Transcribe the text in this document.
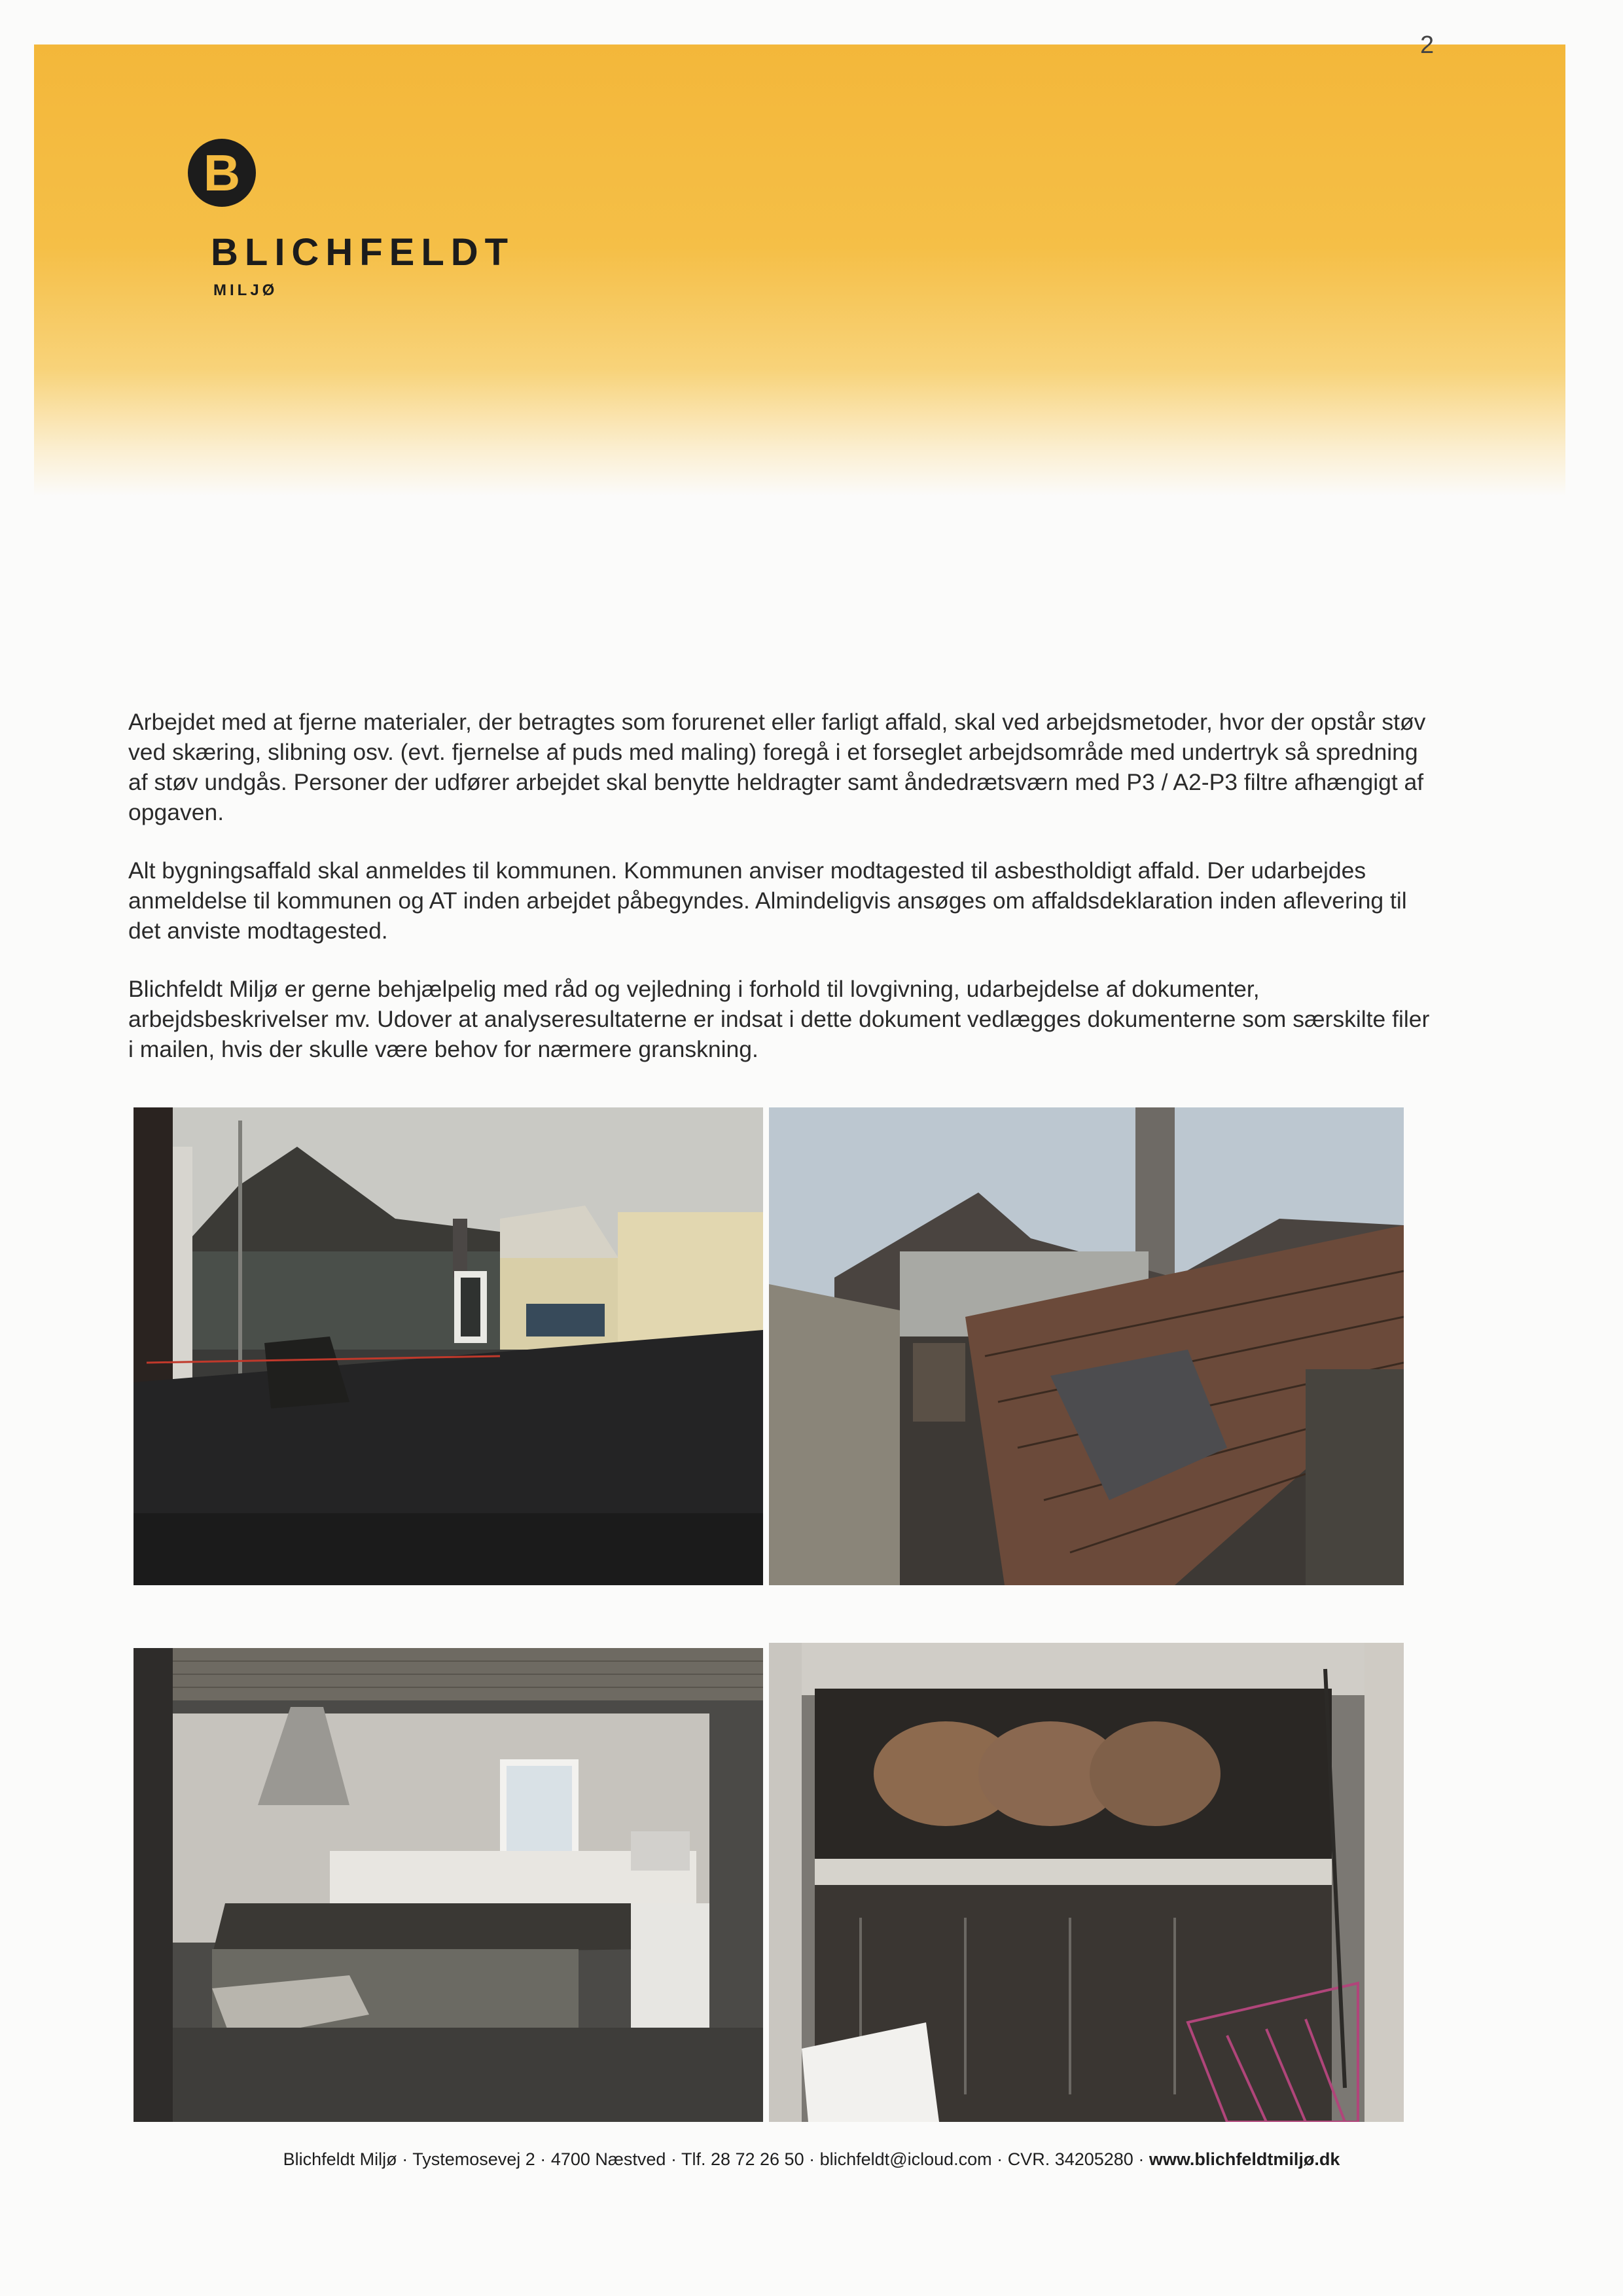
2
B
BLICHFELDT
MILJØ

Arbejdet med at fjerne materialer, der betragtes som forurenet eller farligt affald, skal ved arbejdsmetoder, hvor der opstår støv ved skæring, slibning osv. (evt. fjernelse af puds med maling) foregå i et forseglet arbejdsområde med undertryk så spredning af støv undgås. Personer der udfører arbejdet skal benytte heldragter samt åndedrætsværn med P3 / A2-P3 filtre afhængigt af opgaven.

Alt bygningsaffald skal anmeldes til kommunen. Kommunen anviser modtagested til asbestholdigt affald. Der udarbejdes anmeldelse til kommunen og AT inden arbejdet påbegyndes. Almindeligvis ansøges om affaldsdeklaration inden aflevering til det anviste modtagested.

Blichfeldt Miljø er gerne behjælpelig med råd og vejledning i forhold til lovgivning, udarbejdelse af dokumenter, arbejdsbeskrivelser mv. Udover at analyseresultaterne er indsat i dette dokument vedlægges dokumenterne som særskilte filer i mailen, hvis der skulle være behov for nærmere granskning.

Blichfeldt Miljø · Tystemosevej 2 · 4700 Næstved · Tlf. 28 72 26 50 · blichfeldt@icloud.com · CVR. 34205280 · www.blichfeldtmiljø.dk
